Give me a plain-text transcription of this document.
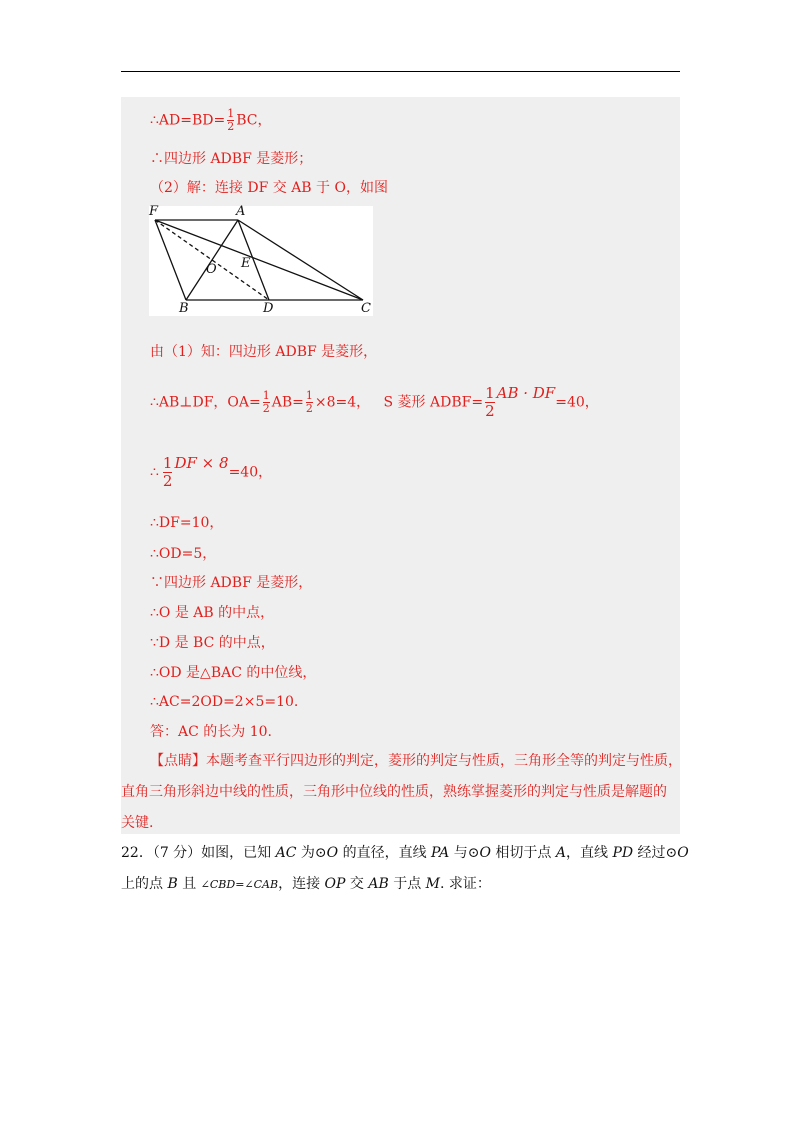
∴AD=BD= $\frac{1}{2}$ BC，
∴四边形 ADBF 是菱形；
（2）解：连接 DF 交 AB 于 O，如图
F	A
O E
B	D	C
由（1）知：四边形 ADBF 是菱形，
∴AB⊥DF，$OA= \frac{1}{2} AB= \frac{1}{2} \times 8=4$， S 菱形 ADBF= $\frac{1}{2}$ AB · DF=40，
∴ $\frac{1}{2}$ DF × 8=40，
∴DF=10，
∴OD=5，
∵四边形 ADBF 是菱形，
∴O 是 AB 的中点，
∵D 是 BC 的中点，
∴OD 是△BAC 的中位线，
∴AC=2OD=2×5=10.
答：AC 的长为 10.
【点睛】本题考查平行四边形的判定，菱形的判定与性质，三角形全等的判定与性质，
直角三角形斜边中线的性质，三角形中位线的性质，熟练掌握菱形的判定与性质是解题的
关键.
22．（7 分）如图，已知 AC 为⊙O 的直径，直线 PA 与⊙O 相切于点 A，直线 PD 经过⊙O
上的点 B 且 ∠CBD=∠CAB，连接 OP 交 AB 于点 M. 求证：
